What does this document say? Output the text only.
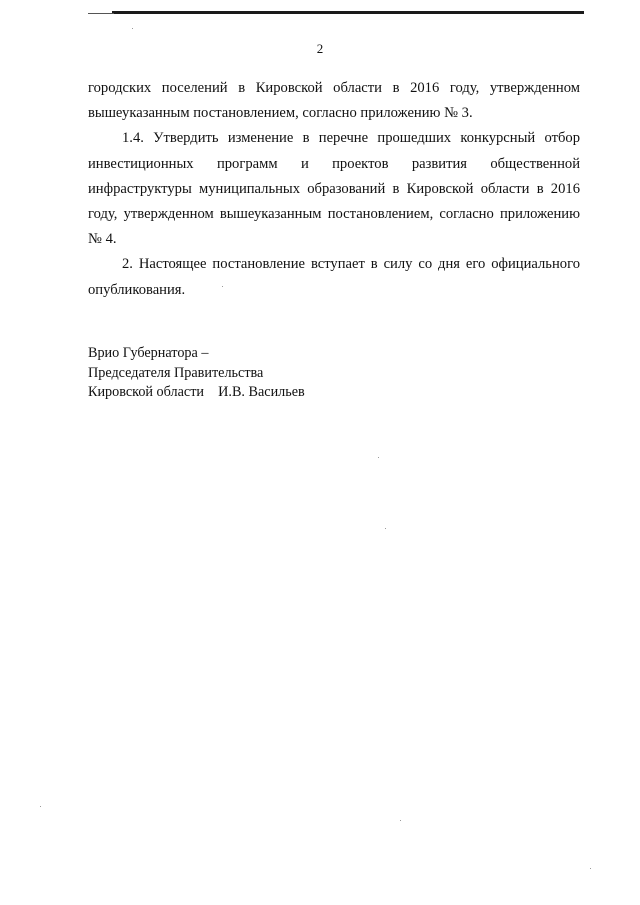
2

городских поселений в Кировской области в 2016 году, утвержденном вышеуказанным постановлением, согласно приложению № 3.

1.4. Утвердить изменение в перечне прошедших конкурсный отбор инвестиционных программ и проектов развития общественной инфраструктуры муниципальных образований в Кировской области в 2016 году, утвержденном вышеуказанным постановлением, согласно приложению № 4.

2. Настоящее постановление вступает в силу со дня его официального опубликования.

Врио Губернатора –
Председателя Правительства
Кировской области    И.В. Васильев
